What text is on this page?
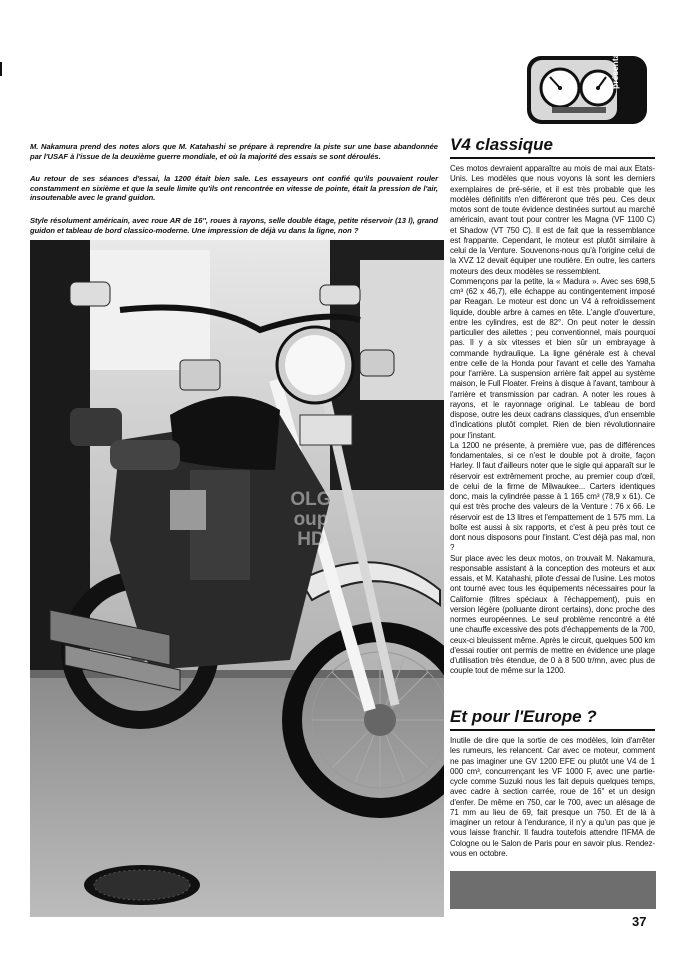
présentation
M. Nakamura prend des notes alors que M. Katahashi se prépare à reprendre la piste sur une base abandonnée par l'USAF à l'issue de la deuxième guerre mondiale, et où la majorité des essais se sont déroulés.
Au retour de ses séances d'essai, la 1200 était bien sale. Les essayeurs ont confié qu'ils pouvaient rouler constamment en sixième et que la seule limite qu'ils ont rencontrée en vitesse de pointe, était la pression de l'air, insoutenable avec le grand guidon.
Style résolument américain, avec roue AR de 16'', roues à rayons, selle double étage, petite réservoir (13 l), grand guidon et tableau de bord classico-moderne. Une impression de déjà vu dans la ligne, non ?
OLG
oup
HD
V4 classique

Ces motos devraient apparaître au mois de mai aux Etats-Unis. Les modèles que nous voyons là sont les derniers exemplaires de pré-série, et il est très probable que les modèles définitifs n'en différeront que très peu. Ces deux motos sont de toute évidence destinées surtout au marché américain, avant tout pour contrer les Magna (VF 1100 C) et Shadow (VT 750 C). Il est de fait que la ressemblance est frappante. Cependant, le moteur est plutôt similaire à celui de la Venture. Souvenons-nous qu'à l'origine celui de la XVZ 12 devait équiper une routière. En outre, les carters moteurs des deux modèles se ressemblent.

Commençons par la petite, la « Madura ». Avec ses 698,5 cm³ (62 x 46,7), elle échappe au contingentement imposé par Reagan. Le moteur est donc un V4 à refroidissement liquide, double arbre à cames en tête. L'angle d'ouverture, entre les cylindres, est de 82°. On peut noter le dessin particulier des ailettes ; peu conventionnel, mais pourquoi pas. Il y a six vitesses et bien sûr un embrayage à commande hydraulique. La ligne générale est à cheval entre celle de la Honda pour l'avant et celle des Yamaha pour l'arrière. La suspension arrière fait appel au système maison, le Full Floater. Freins à disque à l'avant, tambour à l'arrière et transmission par cadran. A noter les roues à rayons, et le rayonnage original. Le tableau de bord dispose, outre les deux cadrans classiques, d'un ensemble d'indications plutôt complet. Rien de bien révolutionnaire pour l'instant.

La 1200 ne présente, à première vue, pas de différences fondamentales, si ce n'est le double pot à droite, façon Harley. Il faut d'ailleurs noter que le sigle qui apparaît sur le réservoir est extrêmement proche, au premier coup d'œil, de celui de la firme de Milwaukee... Carters identiques donc, mais la cylindrée passe à 1 165 cm³ (78,9 x 61). Ce qui est très proche des valeurs de la Venture : 76 x 66. Le réservoir est de 13 litres et l'empattement de 1 575 mm. La boîte est aussi à six rapports, et c'est à peu près tout ce dont nous disposons pour l'instant. C'est déjà pas mal, non ?

Sur place avec les deux motos, on trouvait M. Nakamura, responsable assistant à la conception des moteurs et aux essais, et M. Katahashi, pilote d'essai de l'usine. Les motos ont tourné avec tous les équipements nécessaires pour la Californie (filtres spéciaux à l'échappement), puis en version légère (polluante diront certains), donc proche des normes européennes. Le seul problème rencontré a été une chauffe excessive des pots d'échappements de la 700, ceux-ci bleuissent même. Après le circuit, quelques 500 km d'essai routier ont permis de mettre en évidence une plage d'utilisation très étendue, de 0 à 8 500 tr/mn, avec plus de couple tout de même sur la 1200.

Et pour l'Europe ?

Inutile de dire que la sortie de ces modèles, loin d'arrêter les rumeurs, les relancent. Car avec ce moteur, comment ne pas imaginer une GV 1200 EFE ou plutôt une V4 de 1 000 cm³, concurrençant les VF 1000 F, avec une partie-cycle comme Suzuki nous les fait depuis quelques temps, avec cadre à section carrée, roue de 16'' et un design d'enfer. De même en 750, car le 700, avec un alésage de 71 mm au lieu de 69, fait presque un 750. Et de là à imaginer un retour à l'endurance, il n'y a qu'un pas que je vous laisse franchir. Il faudra toutefois attendre l'IFMA de Cologne ou le Salon de Paris pour en savoir plus. Rendez-vous en octobre.

37
